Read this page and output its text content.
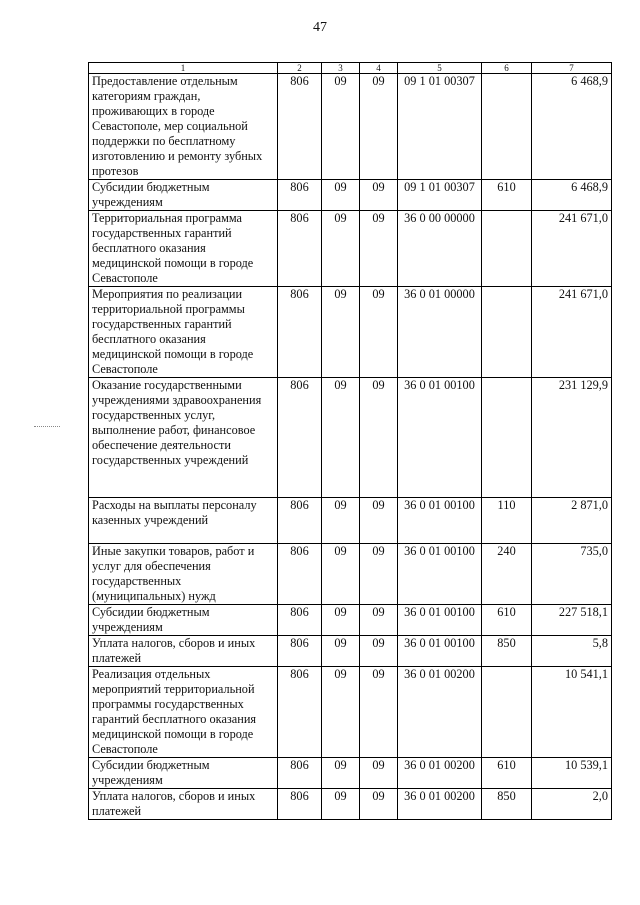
47
1	2	3	4	5	6	7
Предоставление отдельным категориям граждан, проживающих в городе Севастополе, мер социальной поддержки по бесплатному изготовлению и ремонту зубных протезов	806	09	09	09 1 01 00307		6 468,9
Субсидии бюджетным учреждениям	806	09	09	09 1 01 00307	610	6 468,9
Территориальная программа государственных гарантий бесплатного оказания медицинской помощи в городе Севастополе	806	09	09	36 0 00 00000		241 671,0
Мероприятия по реализации территориальной программы государственных гарантий бесплатного оказания медицинской помощи в городе Севастополе	806	09	09	36 0 01 00000		241 671,0
Оказание государственными учреждениями здравоохранения государственных услуг, выполнение работ, финансовое обеспечение деятельности государственных учреждений	806	09	09	36 0 01 00100		231 129,9
Расходы на выплаты персоналу казенных учреждений	806	09	09	36 0 01 00100	110	2 871,0
Иные закупки товаров, работ и услуг для обеспечения государственных (муниципальных) нужд	806	09	09	36 0 01 00100	240	735,0
Субсидии бюджетным учреждениям	806	09	09	36 0 01 00100	610	227 518,1
Уплата налогов, сборов и иных платежей	806	09	09	36 0 01 00100	850	5,8
Реализация отдельных мероприятий территориальной программы государственных гарантий бесплатного оказания медицинской помощи в городе Севастополе	806	09	09	36 0 01 00200		10 541,1
Субсидии бюджетным учреждениям	806	09	09	36 0 01 00200	610	10 539,1
Уплата налогов, сборов и иных платежей	806	09	09	36 0 01 00200	850	2,0
